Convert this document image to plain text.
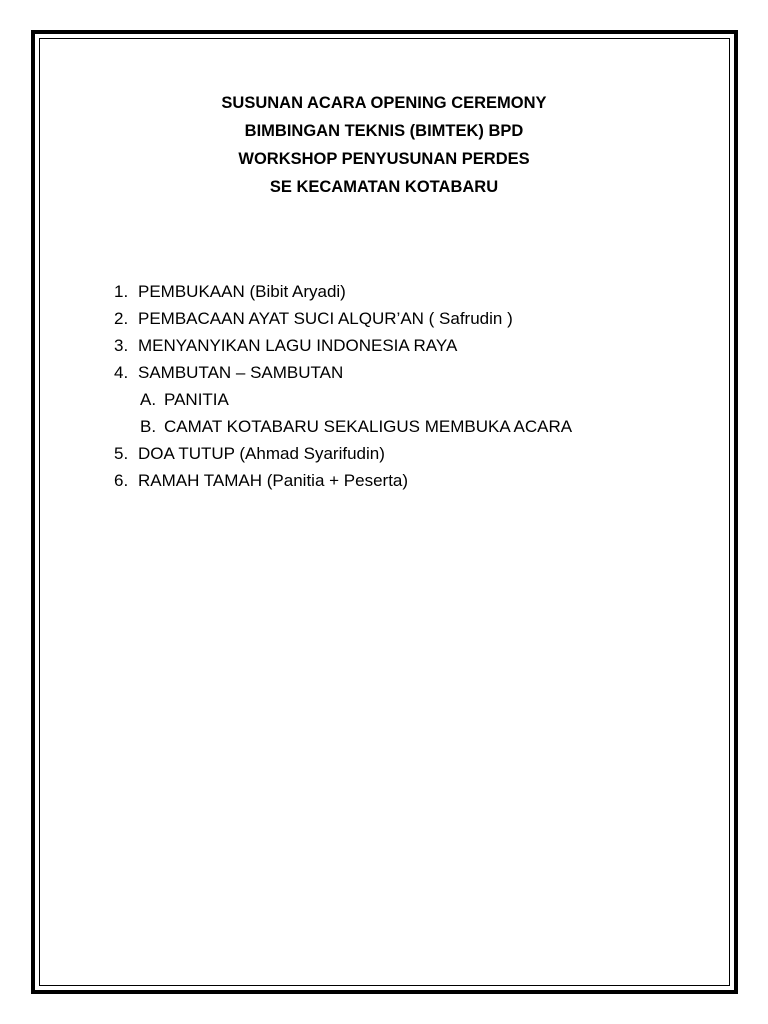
SUSUNAN ACARA OPENING CEREMONY
BIMBINGAN TEKNIS (BIMTEK) BPD
WORKSHOP PENYUSUNAN PERDES
SE KECAMATAN KOTABARU
1. PEMBUKAAN (Bibit Aryadi)
2. PEMBACAAN AYAT SUCI ALQUR’AN ( Safrudin )
3. MENYANYIKAN LAGU INDONESIA RAYA
4. SAMBUTAN – SAMBUTAN
A. PANITIA
B. CAMAT KOTABARU SEKALIGUS MEMBUKA ACARA
5. DOA TUTUP (Ahmad Syarifudin)
6. RAMAH TAMAH (Panitia + Peserta)
